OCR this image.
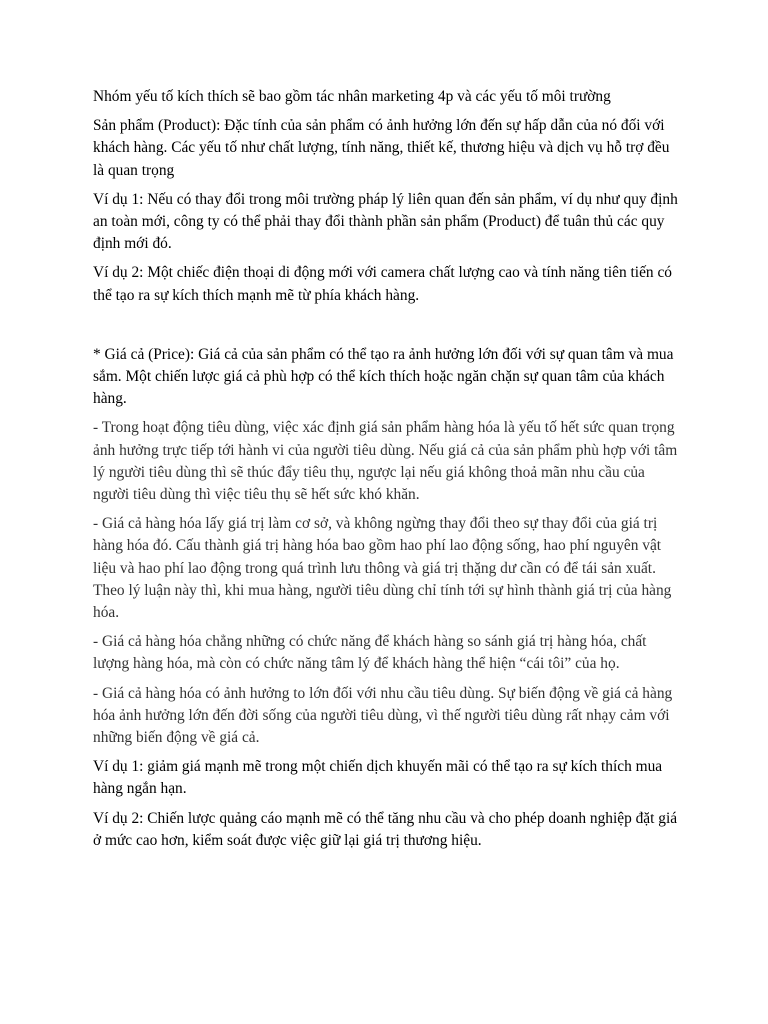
Nhóm yếu tố kích thích sẽ bao gồm tác nhân marketing 4p và các yếu tố môi trường

Sản phẩm (Product): Đặc tính của sản phẩm có ảnh hưởng lớn đến sự hấp dẫn của nó đối với khách hàng. Các yếu tố như chất lượng, tính năng, thiết kế, thương hiệu và dịch vụ hỗ trợ đều là quan trọng

Ví dụ 1: Nếu có thay đổi trong môi trường pháp lý liên quan đến sản phẩm, ví dụ như quy định an toàn mới, công ty có thể phải thay đổi thành phần sản phẩm (Product) để tuân thủ các quy định mới đó.

Ví dụ 2: Một chiếc điện thoại di động mới với camera chất lượng cao và tính năng tiên tiến có thể tạo ra sự kích thích mạnh mẽ từ phía khách hàng.

* Giá cả (Price): Giá cả của sản phẩm có thể tạo ra ảnh hưởng lớn đối với sự quan tâm và mua sắm. Một chiến lược giá cả phù hợp có thể kích thích hoặc ngăn chặn sự quan tâm của khách hàng.

- Trong hoạt động tiêu dùng, việc xác định giá sản phẩm hàng hóa là yếu tố hết sức quan trọng ảnh hưởng trực tiếp tới hành vi của người tiêu dùng. Nếu giá cả của sản phẩm phù hợp với tâm lý người tiêu dùng thì sẽ thúc đẩy tiêu thụ, ngược lại nếu giá không thoả mãn nhu cầu của người tiêu dùng thì việc tiêu thụ sẽ hết sức khó khăn.

- Giá cả hàng hóa lấy giá trị làm cơ sở, và không ngừng thay đổi theo sự thay đổi của giá trị hàng hóa đó. Cấu thành giá trị hàng hóa bao gồm hao phí lao động sống, hao phí nguyên vật liệu và hao phí lao động trong quá trình lưu thông và giá trị thặng dư cần có để tái sản xuất. Theo lý luận này thì, khi mua hàng, người tiêu dùng chỉ tính tới sự hình thành giá trị của hàng hóa.

- Giá cả hàng hóa chẳng những có chức năng để khách hàng so sánh giá trị hàng hóa, chất lượng hàng hóa, mà còn có chức năng tâm lý để khách hàng thể hiện “cái tôi” của họ.

- Giá cả hàng hóa có ảnh hưởng to lớn đối với nhu cầu tiêu dùng. Sự biến động về giá cả hàng hóa ảnh hưởng lớn đến đời sống của người tiêu dùng, vì thế người tiêu dùng rất nhạy cảm với những biến động về giá cả.

Ví dụ 1: giảm giá mạnh mẽ trong một chiến dịch khuyến mãi có thể tạo ra sự kích thích mua hàng ngắn hạn.

Ví dụ 2: Chiến lược quảng cáo mạnh mẽ có thể tăng nhu cầu và cho phép doanh nghiệp đặt giá ở mức cao hơn, kiểm soát được việc giữ lại giá trị thương hiệu.
